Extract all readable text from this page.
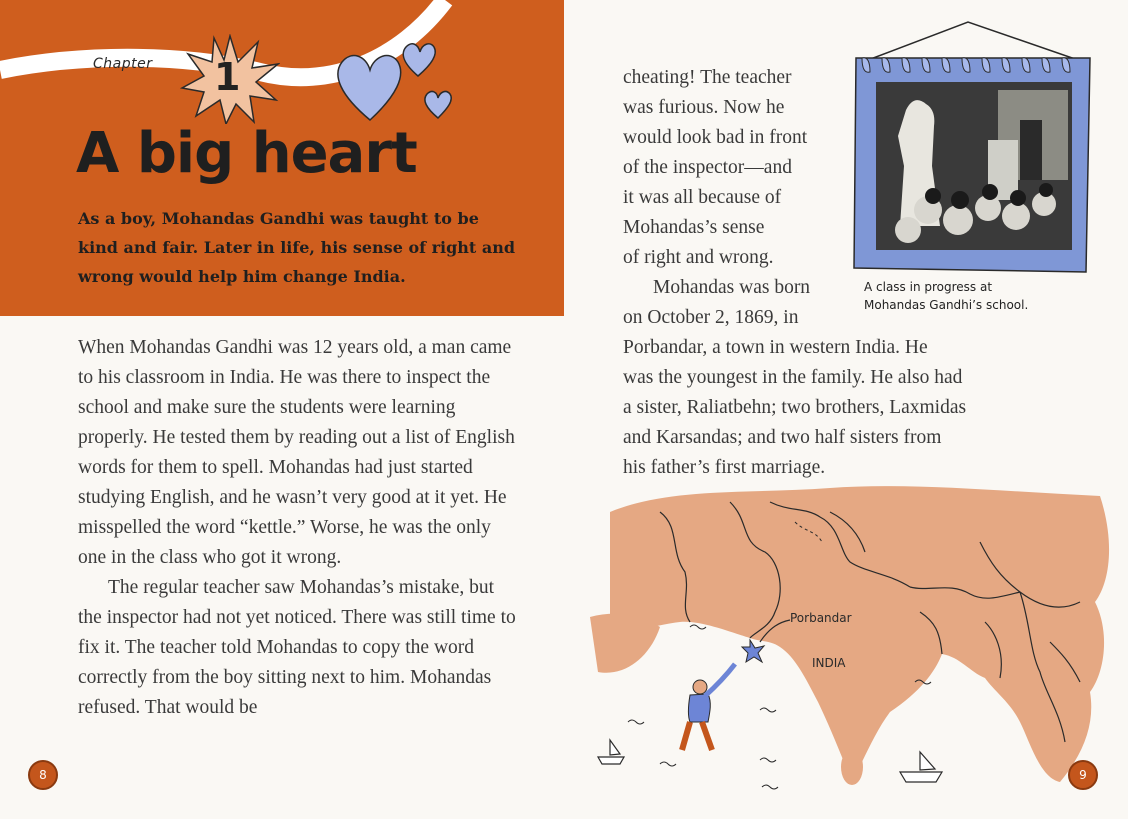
Chapter 1
A big heart

As a boy, Mohandas Gandhi was taught to be kind and fair. Later in life, his sense of right and wrong would help him change India.

When Mohandas Gandhi was 12 years old, a man came to his classroom in India. He was there to inspect the school and make sure the students were learning properly. He tested them by reading out a list of English words for them to spell. Mohandas had just started studying English, and he wasn’t very good at it yet. He misspelled the word “kettle.” Worse, he was the only one in the class who got it wrong.

The regular teacher saw Mohandas’s mistake, but the inspector had not yet noticed. There was still time to fix it. The teacher told Mohandas to copy the word correctly from the boy sitting next to him. Mohandas refused. That would be

8
cheating! The teacher
was furious. Now he
would look bad in front
of the inspector—and
it was all because of
Mohandas’s sense
of right and wrong.
Mohandas was born
on October 2, 1869, in
Porbandar, a town in western India. He
was the youngest in the family. He also had
a sister, Raliatbehn; two brothers, Laxmidas
and Karsandas; and two half sisters from
his father’s first marriage.
A class in progress at Mohandas Gandhi’s school.
Porbandar
INDIA
9
